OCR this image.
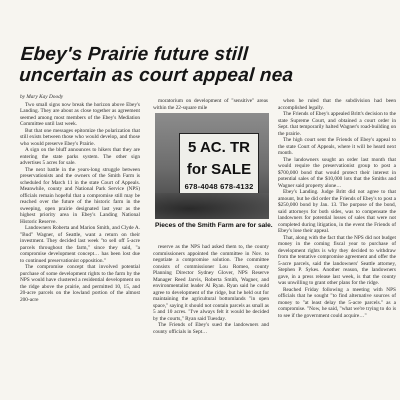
Ebey's Prairie future still
uncertain as court appeal nea
by Mary Kay Doody

Two small signs now break the horizon above Ebey's Landing. They are about as close together as agreement seemed among most members of the Ebey's Mediation Committee until last week.

But that one messages epitomize the polarization that still exists between those who would develop, and those who would preserve Ebey's Prairie.

A sign on the bluff announces to hikers that they are entering the state parks system. The other sign advertises 5 acres for sale.

The next battle in the years-long struggle between preservationists and the owners of the Smith Farm is scheduled for March 11 in the state Court of Appeals. Meanwhile, county and National Park Service (NPS) officials remain hopeful that a compromise still may be reached over the future of the historic farm in the sweeping, open prairie designated last year as the highest priority area in Ebey's Landing National Historic Reserve.

Landowners Roberta and Marion Smith, and Clyde A. "Bud" Wagner, of Seattle, want a return on their investment. They decided last week "to sell off 5-acre parcels throughout the farm," since they said, "a compromise development concept… has been lost due to continued preservationist opposition."

The compromise concept that involved potential purchase of some development rights to the farm by the NPS would have clustered a residential development on the ridge above the prairie, and permitted 10, 15, and 20-acre parcels on the lowland portion of the almost 200-acre

moratorium on development of "sensitive" areas within the 22-square mile

5 AC. TR
for SALE
678-4048 678-4132
Pieces of the Smith Farm are for sale.

reserve as the NPS had asked them to, the county commissioners appointed the committee in Nov. to negotiate a compromise solution. The committee consists of commissioner Lou Romeo, county Planning Director Sydney Glover, NPS Reserve Manager Reed Jarvis, Roberta Smith, Wagner, and environmentalist leader Al Ryan. Ryan said he could agree to development of the ridge, but he held out for maintaining the agricultural bottomlands "in open space," saying it should not contain parcels as small as 5 and 10 acres. "I've always felt it would be decided by the courts," Ryan said Tuesday.

The Friends of Ebey's sued the landowners and county officials in Sept…

when he ruled that the subdivision had been accomplished legally.

The Friends of Ebey's appealed Britt's decision to the state Supreme Court, and obtained a court order in Sept. that temporarily halted Wagner's road-building on the prairie.

The high court sent the Friends of Ebey's appeal to the state Court of Appeals, where it will be heard next month.

The landowners sought an order last month that would require the preservationist group to post a $700,000 bond that would protect their interest in potential sales of the $10,000 lots that the Smiths and Wagner said property alone…

Ebey's Landing. Judge Britt did not agree to that amount, but he did order the Friends of Ebey's to post a $250,000 bond by Jan. 13. The purpose of the bond, said attorneys for both sides, was to compensate the landowners for potential losses of sales that were not completed during litigation, in the event the Friends of Ebey's lose their appeal.

That, along with the fact that the NPS did not budget money in the coming fiscal year to purchase of development rights is why they decided to withdraw from the tentative compromise agreement and offer the 5-acre parcels, said the landowners' Seattle attorney, Stephen P. Sykes. Another reason, the landowners gave, in a press release last week, is that the county was unwilling to grant other plans for the ridge.

Reached Friday following a meeting with NPS officials that he sought "to find alternative sources of money to "at least delay the 5-acre parcels." as a compromise. "Now, he said, "what we're trying to do is to see if the government could acquire…"
